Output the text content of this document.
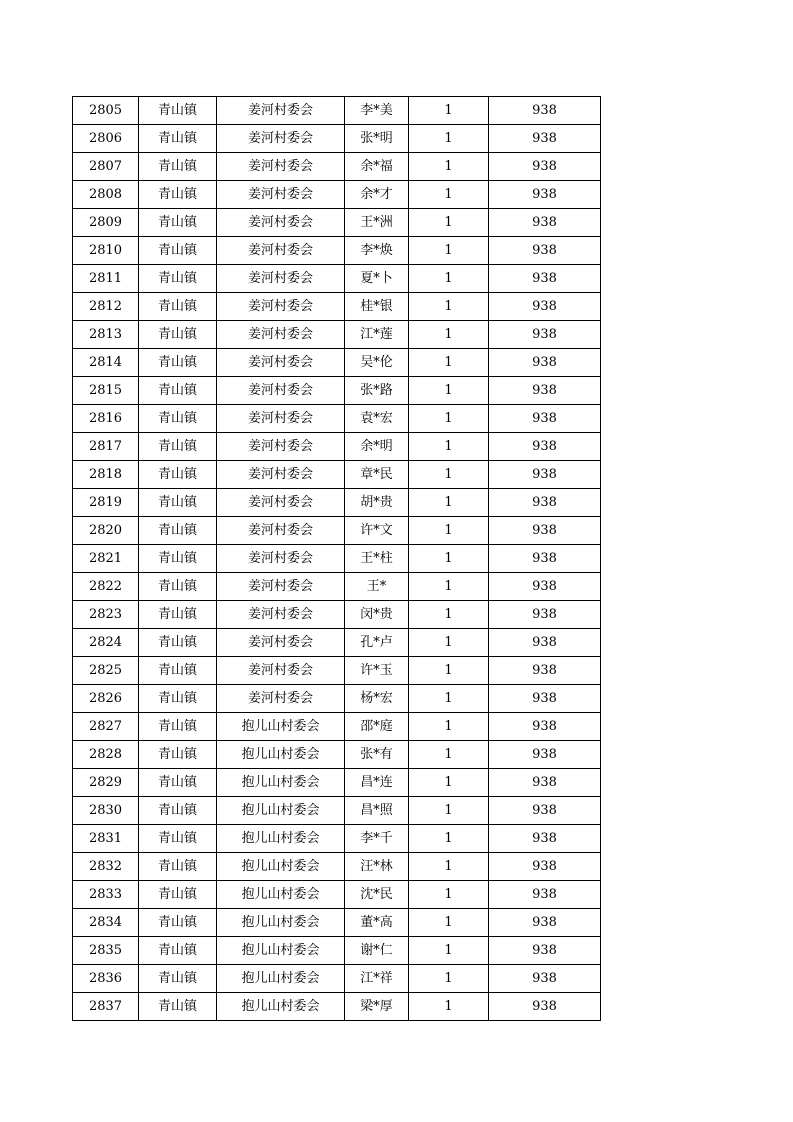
2805	青山镇	姜河村委会	李*美	1	938
2806	青山镇	姜河村委会	张*明	1	938
2807	青山镇	姜河村委会	余*福	1	938
2808	青山镇	姜河村委会	余*才	1	938
2809	青山镇	姜河村委会	王*洲	1	938
2810	青山镇	姜河村委会	李*焕	1	938
2811	青山镇	姜河村委会	夏*卜	1	938
2812	青山镇	姜河村委会	桂*银	1	938
2813	青山镇	姜河村委会	江*莲	1	938
2814	青山镇	姜河村委会	吴*伦	1	938
2815	青山镇	姜河村委会	张*路	1	938
2816	青山镇	姜河村委会	袁*宏	1	938
2817	青山镇	姜河村委会	余*明	1	938
2818	青山镇	姜河村委会	章*民	1	938
2819	青山镇	姜河村委会	胡*贵	1	938
2820	青山镇	姜河村委会	许*文	1	938
2821	青山镇	姜河村委会	王*柱	1	938
2822	青山镇	姜河村委会	王*	1	938
2823	青山镇	姜河村委会	闵*贵	1	938
2824	青山镇	姜河村委会	孔*卢	1	938
2825	青山镇	姜河村委会	许*玉	1	938
2826	青山镇	姜河村委会	杨*宏	1	938
2827	青山镇	抱儿山村委会	邵*庭	1	938
2828	青山镇	抱儿山村委会	张*有	1	938
2829	青山镇	抱儿山村委会	昌*连	1	938
2830	青山镇	抱儿山村委会	昌*照	1	938
2831	青山镇	抱儿山村委会	李*千	1	938
2832	青山镇	抱儿山村委会	汪*林	1	938
2833	青山镇	抱儿山村委会	沈*民	1	938
2834	青山镇	抱儿山村委会	董*高	1	938
2835	青山镇	抱儿山村委会	谢*仁	1	938
2836	青山镇	抱儿山村委会	江*祥	1	938
2837	青山镇	抱儿山村委会	梁*厚	1	938
